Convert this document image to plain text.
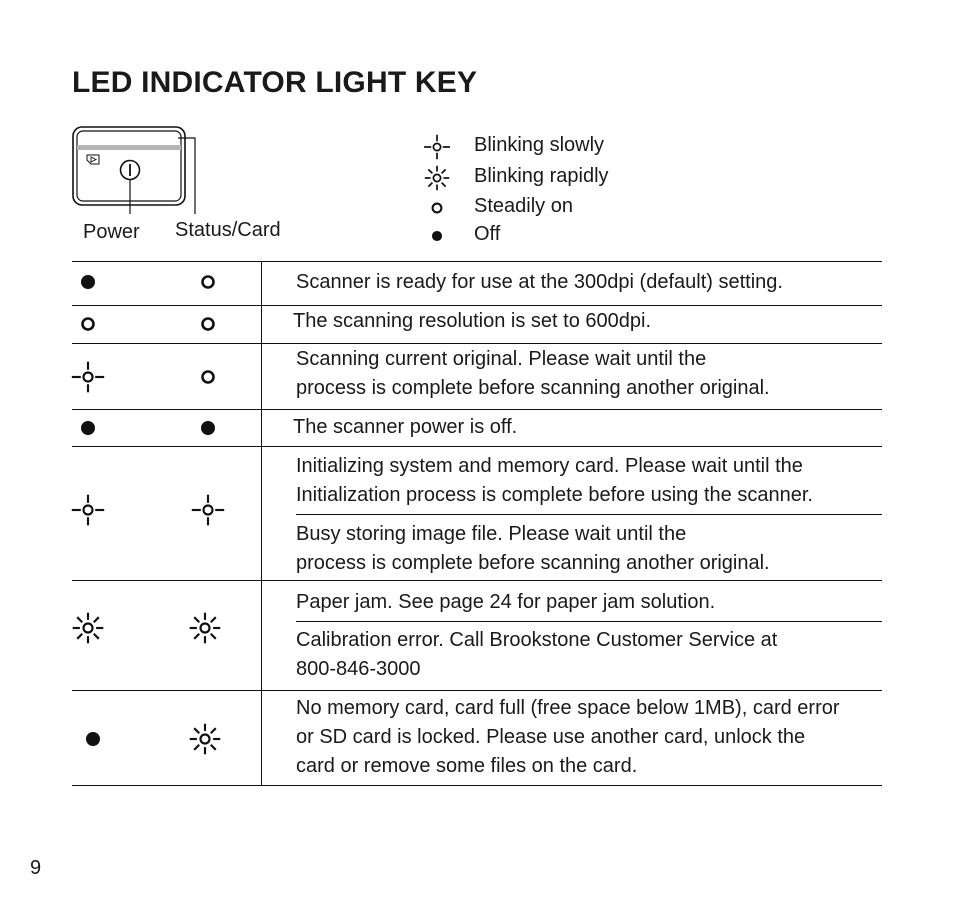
LED INDICATOR LIGHT KEY
Power Status/Card
Blinking slowly
Blinking rapidly
Steadily on
Off
Scanner is ready for use at the 300dpi (default) setting.
The scanning resolution is set to 600dpi.
Scanning current original. Please wait until the
process is complete before scanning another original.
The scanner power is off.
Initializing system and memory card. Please wait until the
Initialization process is complete before using the scanner.
Busy storing image file. Please wait until the
process is complete before scanning another original.
Paper jam. See page 24 for paper jam solution.
Calibration error. Call Brookstone Customer Service at
800-846-3000
No memory card, card full (free space below 1MB), card error
or SD card is locked. Please use another card, unlock the
card or remove some files on the card.
9
